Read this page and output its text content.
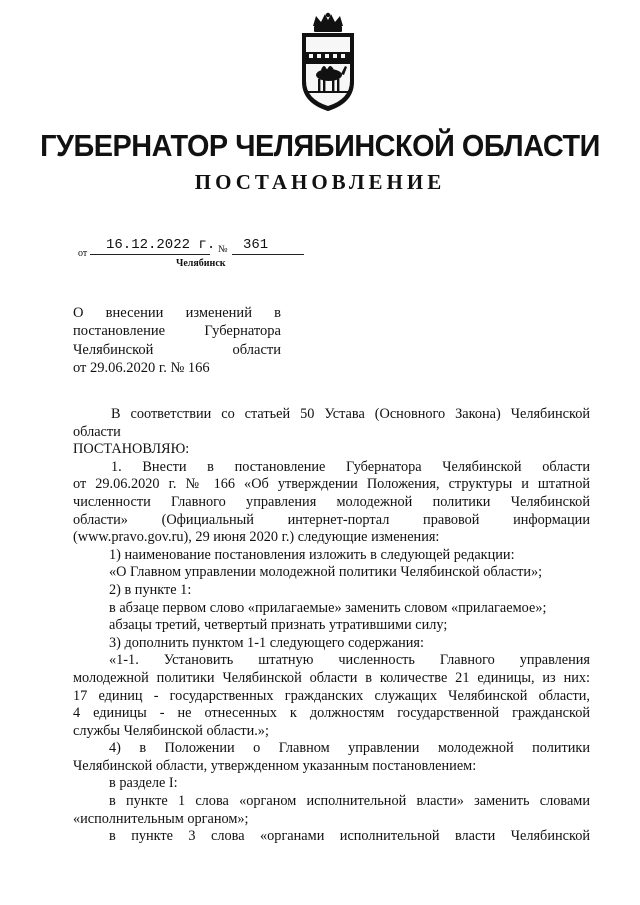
ГУБЕРНАТОР ЧЕЛЯБИНСКОЙ ОБЛАСТИ
ПОСТАНОВЛЕНИЕ
от
16.12.2022 г. № 361
Челябинск
О внесении изменений в
постановление Губернатора
Челябинской области
от 29.06.2020 г. № 166
В соответствии со статьей 50 Устава (Основного Закона) Челябинской
области
ПОСТАНОВЛЯЮ:
1. Внести в постановление Губернатора Челябинской области
от 29.06.2020 г. № 166 «Об утверждении Положения, структуры и штатной
численности Главного управления молодежной политики Челябинской
области» (Официальный интернет-портал правовой информации
(www.pravo.gov.ru), 29 июня 2020 г.) следующие изменения:
1) наименование постановления изложить в следующей редакции:
«О Главном управлении молодежной политики Челябинской области»;
2) в пункте 1:
в абзаце первом слово «прилагаемые» заменить словом «прилагаемое»;
абзацы третий, четвертый признать утратившими силу;
3) дополнить пунктом 1-1 следующего содержания:
«1-1. Установить штатную численность Главного управления
молодежной политики Челябинской области в количестве 21 единицы, из них:
17 единиц - государственных гражданских служащих Челябинской области,
4 единицы - не отнесенных к должностям государственной гражданской
службы Челябинской области.»;
4) в Положении о Главном управлении молодежной политики
Челябинской области, утвержденном указанным постановлением:
в разделе I:
в пункте 1 слова «органом исполнительной власти» заменить словами
«исполнительным органом»;
в пункте 3 слова «органами исполнительной власти Челябинской
